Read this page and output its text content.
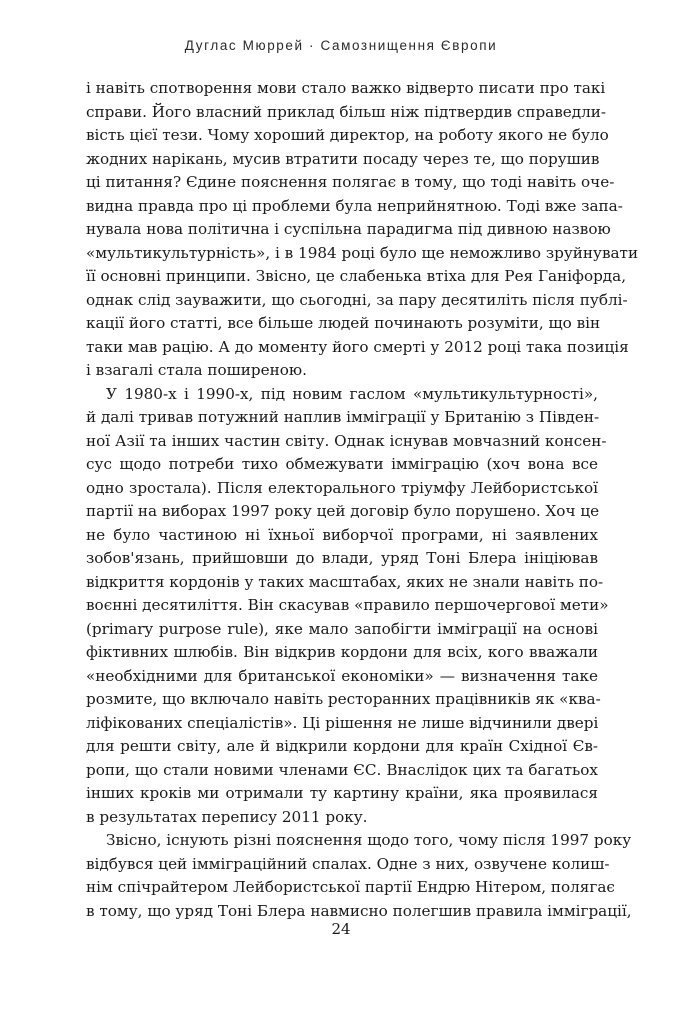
Дуглас Мюррей · Самознищення Європи
і навіть спотворення мови стало важко відверто писати про такі
справи. Його власний приклад більш ніж підтвердив справедли-
вість цієї тези. Чому хороший директор, на роботу якого не було
жодних нарікань, мусив втратити посаду через те, що порушив
ці питання? Єдине пояснення полягає в тому, що тоді навіть оче-
видна правда про ці проблеми була неприйнятною. Тоді вже запа-
нувала нова політична і суспільна парадигма під дивною назвою
«мультикультурність», і в 1984 році було ще неможливо зруйнувати
її основні принципи. Звісно, це слабенька втіха для Рея Ганіфорда,
однак слід зауважити, що сьогодні, за пару десятиліть після публі-
кації його статті, все більше людей починають розуміти, що він
таки мав рацію. А до моменту його смерті у 2012 році така позиція
і взагалі стала поширеною.
У 1980-х і 1990-х, під новим гаслом «мультикультурності»,
й далі тривав потужний наплив імміграції у Британію з Півден-
ної Азії та інших частин світу. Однак існував мовчазний консен-
сус щодо потреби тихо обмежувати імміграцію (хоч вона все
одно зростала). Після електорального тріумфу Лейбористської
партії на виборах 1997 року цей договір було порушено. Хоч це
не було частиною ні їхньої виборчої програми, ні заявлених
зобов'язань, прийшовши до влади, уряд Тоні Блера ініціював
відкриття кордонів у таких масштабах, яких не знали навіть по-
воєнні десятиліття. Він скасував «правило першочергової мети»
(primary purpose rule), яке мало запобігти імміграції на основі
фіктивних шлюбів. Він відкрив кордони для всіх, кого вважали
«необхідними для британської економіки» — визначення таке
розмите, що включало навіть ресторанних працівників як «ква-
ліфікованих спеціалістів». Ці рішення не лише відчинили двері
для решти світу, але й відкрили кордони для країн Східної Єв-
ропи, що стали новими членами ЄС. Внаслідок цих та багатьох
інших кроків ми отримали ту картину країни, яка проявилася
в результатах перепису 2011 року.
Звісно, існують різні пояснення щодо того, чому після 1997 року
відбувся цей імміграційний спалах. Одне з них, озвучене колиш-
нім спічрайтером Лейбористської партії Ендрю Нітером, полягає
в тому, що уряд Тоні Блера навмисно полегшив правила імміграції,
24
